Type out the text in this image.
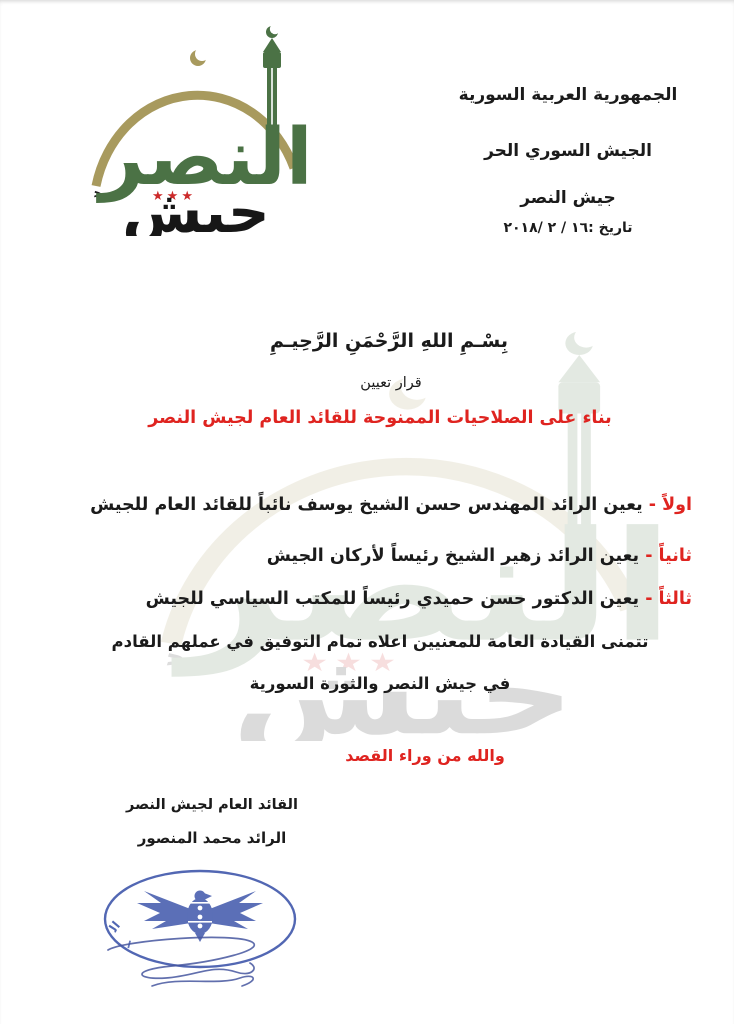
الجمهورية العربية السورية
الجيش السوري الحر
جيش النصر
تاريخ :١٦ / ٢ /٢٠١٨
بِسْـمِ اللهِ الرَّحْمَنِ الرَّحِيـمِ
قرار تعيين
بناء على الصلاحيات الممنوحة للقائد العام لجيش النصر
اولاً - يعين الرائد المهندس حسن الشيخ يوسف نائباً للقائد العام للجيش
ثانياً - يعين الرائد زهير الشيخ رئيساً لأركان الجيش
ثالثاً - يعين الدكتور حسن حميدي رئيساً للمكتب السياسي للجيش
تتمنى القيادة العامة للمعنيين اعلاه تمام التوفيق في عملهم القادم
في جيش النصر والثورة السورية
والله من وراء القصد
القائد العام لجيش النصر
الرائد محمد المنصور
